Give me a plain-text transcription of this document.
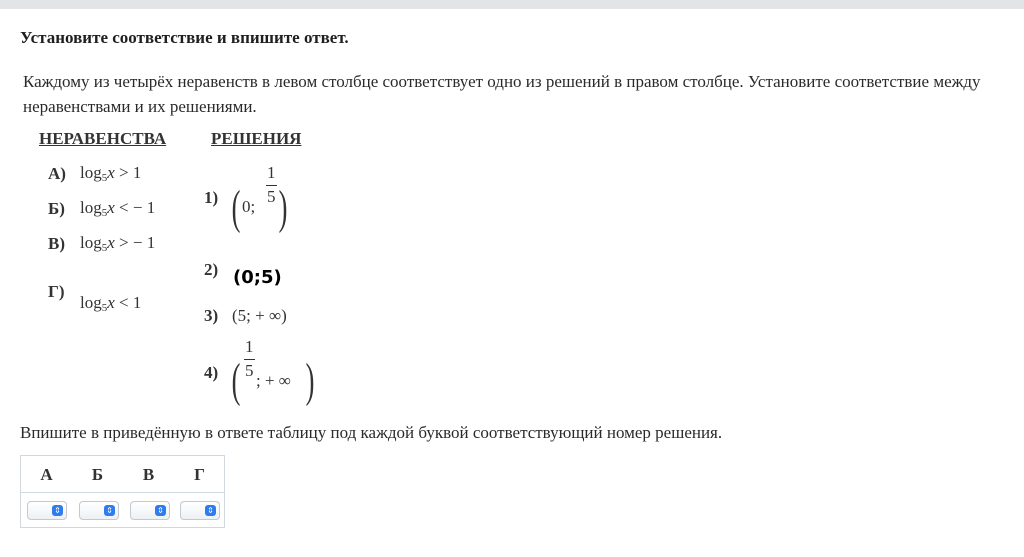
Установите соответствие и впишите ответ.
Каждому из четырёх неравенств в левом столбце соответствует одно из решений в правом столбце. Установите соответствие между неравенствами и их решениями.
НЕРАВЕНСТВА	РЕШЕНИЯ
А) $\log_5x > 1$
Б) $\log_5x$ < − 1
В) $\log_5x$ > − 1
Г)
$\log_5x < 1$
1) ( 0;
1
5 )
2) (0;5)
3) (5; + ∞)
4) (
1
5
; + ∞ )
Впишите в приведённую в ответе таблицу под каждой буквой соответствующий номер решения.
А	Б	В	Г
⇕	⇕	⇕	⇕
